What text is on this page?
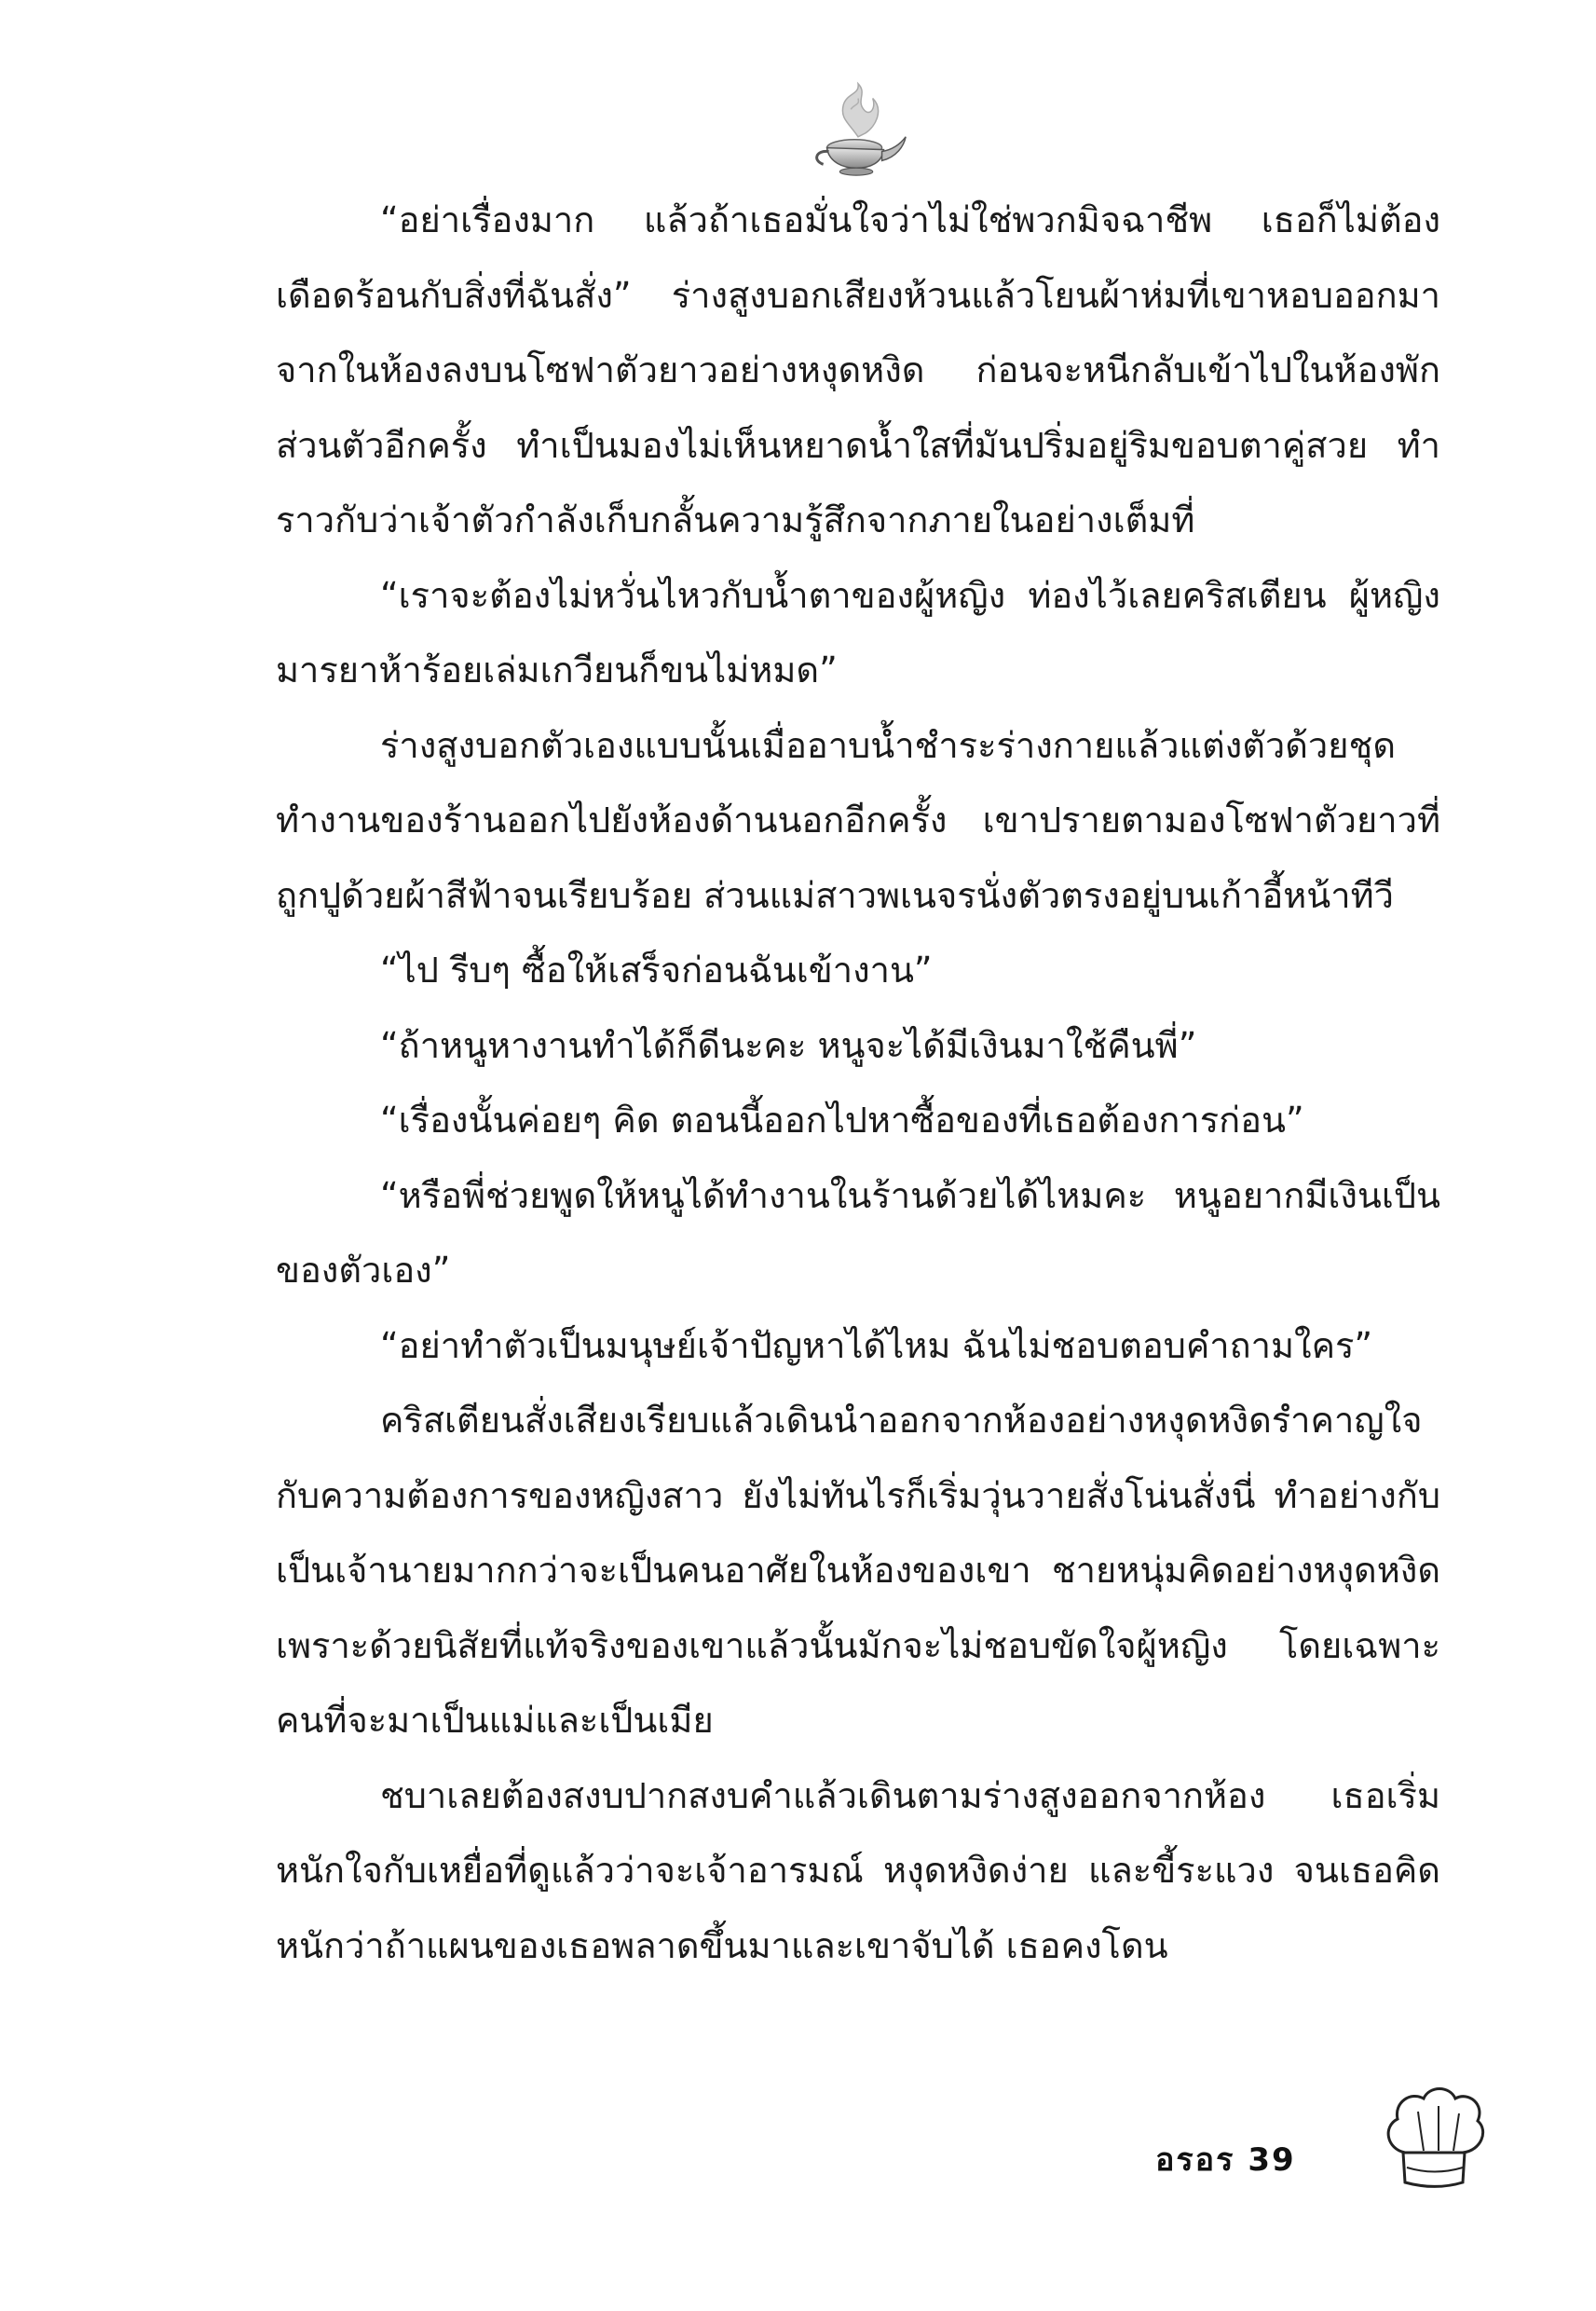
“อย่าเรื่องมาก แล้วถ้าเธอมั่นใจว่าไม่ใช่พวกมิจฉาชีพ เธอก็ไม่ต้องเดือดร้อนกับสิ่งที่ฉันสั่ง” ร่างสูงบอกเสียงห้วนแล้วโยนผ้าห่มที่เขาหอบออกมาจากในห้องลงบนโซฟาตัวยาวอย่างหงุดหงิด ก่อนจะหนีกลับเข้าไปในห้องพักส่วนตัวอีกครั้ง ทำเป็นมองไม่เห็นหยาดน้ำใสที่มันปริ่มอยู่ริมขอบตาคู่สวย ทำราวกับว่าเจ้าตัวกำลังเก็บกลั้นความรู้สึกจากภายในอย่างเต็มที่

“เราจะต้องไม่หวั่นไหวกับน้ำตาของผู้หญิง ท่องไว้เลยคริสเตียน ผู้หญิงมารยาห้าร้อยเล่มเกวียนก็ขนไม่หมด”

ร่างสูงบอกตัวเองแบบนั้นเมื่ออาบน้ำชำระร่างกายแล้วแต่งตัวด้วยชุดทำงานของร้านออกไปยังห้องด้านนอกอีกครั้ง เขาปรายตามองโซฟาตัวยาวที่ถูกปูด้วยผ้าสีฟ้าจนเรียบร้อย ส่วนแม่สาวพเนจรนั่งตัวตรงอยู่บนเก้าอี้หน้าทีวี

“ไป รีบๆ ซื้อให้เสร็จก่อนฉันเข้างาน”

“ถ้าหนูหางานทำได้ก็ดีนะคะ หนูจะได้มีเงินมาใช้คืนพี่”

“เรื่องนั้นค่อยๆ คิด ตอนนี้ออกไปหาซื้อของที่เธอต้องการก่อน”

“หรือพี่ช่วยพูดให้หนูได้ทำงานในร้านด้วยได้ไหมคะ หนูอยากมีเงินเป็นของตัวเอง”

“อย่าทำตัวเป็นมนุษย์เจ้าปัญหาได้ไหม ฉันไม่ชอบตอบคำถามใคร”

คริสเตียนสั่งเสียงเรียบแล้วเดินนำออกจากห้องอย่างหงุดหงิดรำคาญใจกับความต้องการของหญิงสาว ยังไม่ทันไรก็เริ่มวุ่นวายสั่งโน่นสั่งนี่ ทำอย่างกับเป็นเจ้านายมากกว่าจะเป็นคนอาศัยในห้องของเขา ชายหนุ่มคิดอย่างหงุดหงิด เพราะด้วยนิสัยที่แท้จริงของเขาแล้วนั้นมักจะไม่ชอบขัดใจผู้หญิง โดยเฉพาะคนที่จะมาเป็นแม่และเป็นเมีย

ชบาเลยต้องสงบปากสงบคำแล้วเดินตามร่างสูงออกจากห้อง เธอเริ่มหนักใจกับเหยื่อที่ดูแล้วว่าจะเจ้าอารมณ์ หงุดหงิดง่าย และขี้ระแวง จนเธอคิดหนักว่าถ้าแผนของเธอพลาดขึ้นมาและเขาจับได้ เธอคงโดน

อรอร 39
